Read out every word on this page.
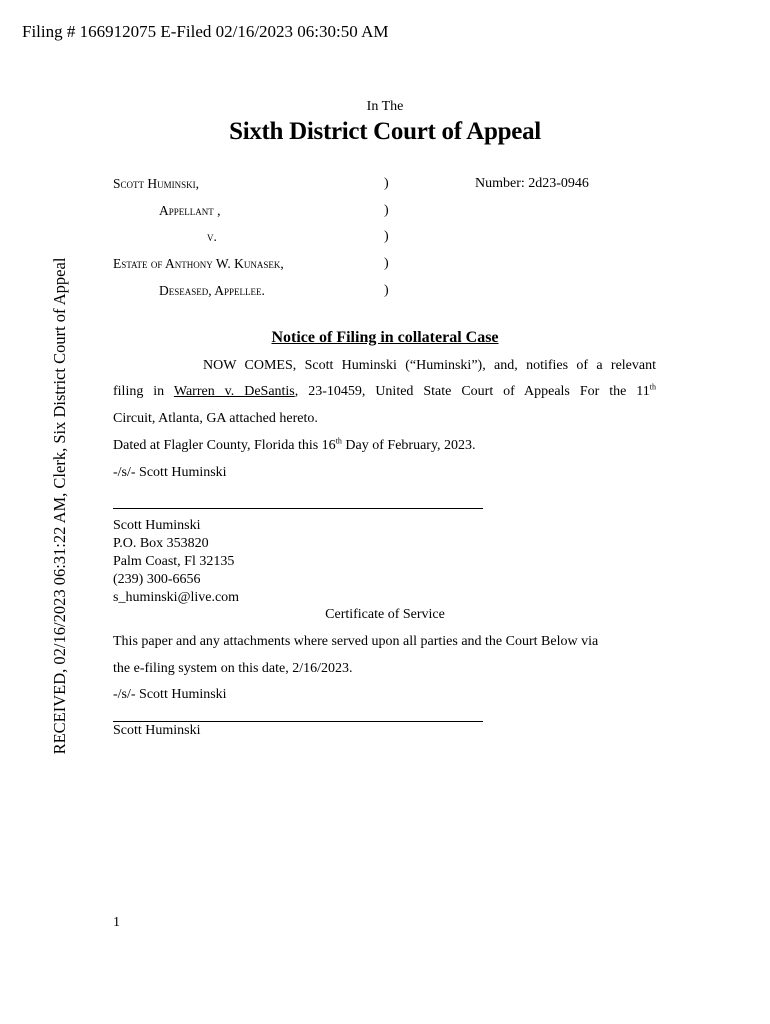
Filing # 166912075 E-Filed 02/16/2023 06:30:50 AM
RECEIVED, 02/16/2023 06:31:22 AM, Clerk, Six District Court of Appeal
In The
Sixth District Court of Appeal
Scott Huminski,	)	Number: 2d23-0946
Appellant ,	)
v.	)
Estate of Anthony W. Kunasek,	)
Deseased, Appellee.	)
Notice of Filing in collateral Case
NOW COMES, Scott Huminski (“Huminski”), and, notifies of a relevant
filing in Warren v. DeSantis, 23-10459, United State Court of Appeals For the 11th
Circuit, Atlanta, GA attached hereto.
Dated at Flagler County, Florida this 16th Day of February, 2023.
-/s/- Scott Huminski
Scott Huminski
P.O. Box 353820
Palm Coast, Fl 32135
(239) 300-6656
s_huminski@live.com
Certificate of Service
This paper and any attachments where served upon all parties and the Court Below via
the e-filing system on this date, 2/16/2023.
-/s/- Scott Huminski
Scott Huminski
1
